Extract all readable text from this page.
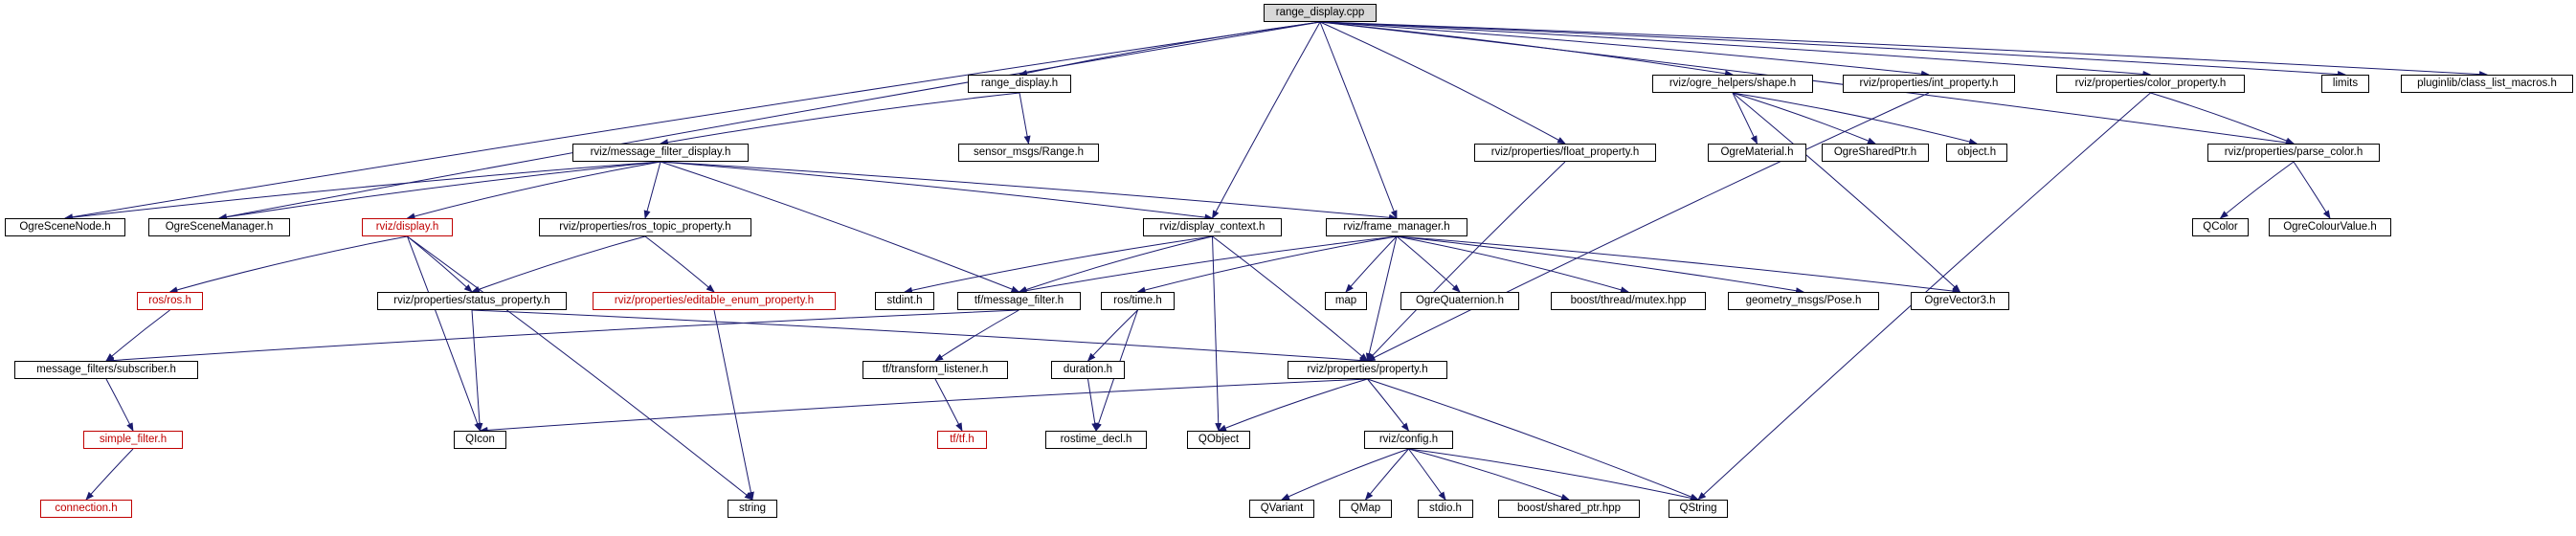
range_display.cpp
range_display.h	rviz/ogre_helpers/shape.h	rviz/properties/int_property.h	rviz/properties/color_property.h	limits	pluginlib/class_list_macros.h
rviz/message_filter_display.h	sensor_msgs/Range.h	rviz/properties/float_property.h	OgreMaterial.h	OgreSharedPtr.h	object.h	rviz/properties/parse_color.h
OgreSceneNode.h	OgreSceneManager.h	rviz/display.h	rviz/properties/ros_topic_property.h	rviz/display_context.h	rviz/frame_manager.h	QColor	OgreColourValue.h
ros/ros.h	rviz/properties/status_property.h	rviz/properties/editable_enum_property.h	stdint.h	tf/message_filter.h	ros/time.h	map	OgreQuaternion.h	boost/thread/mutex.hpp	geometry_msgs/Pose.h	OgreVector3.h
message_filters/subscriber.h	tf/transform_listener.h	duration.h	rviz/properties/property.h
simple_filter.h	QIcon	tf/tf.h	rostime_decl.h	QObject	rviz/config.h
connection.h	string	QVariant	QMap	stdio.h	boost/shared_ptr.hpp	QString
